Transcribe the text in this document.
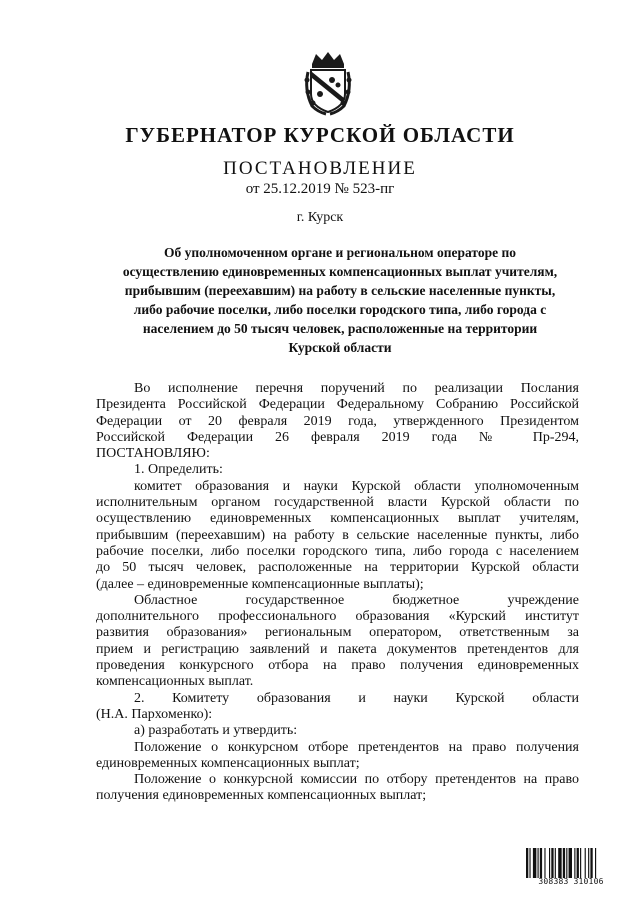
ГУБЕРНАТОР КУРСКОЙ ОБЛАСТИ
ПОСТАНОВЛЕНИЕ
от 25.12.2019 № 523-пг
г. Курск
Об уполномоченном органе и региональном операторе по
осуществлению единовременных компенсационных выплат учителям,
прибывшим (переехавшим) на работу в сельские населенные пункты,
либо рабочие поселки, либо поселки городского типа, либо города с
населением до 50 тысяч человек, расположенные на территории
Курской области
Во исполнение перечня поручений по реализации Послания
Президента Российской Федерации Федеральному Собранию Российской
Федерации от 20 февраля 2019 года, утвержденного Президентом
Российской Федерации 26 февраля 2019 года № Пр-294,
ПОСТАНОВЛЯЮ:
1. Определить:
комитет образования и науки Курской области уполномоченным
исполнительным органом государственной власти Курской области по
осуществлению единовременных компенсационных выплат учителям,
прибывшим (переехавшим) на работу в сельские населенные пункты, либо
рабочие поселки, либо поселки городского типа, либо города с населением
до 50 тысяч человек, расположенные на территории Курской области
(далее – единовременные компенсационные выплаты);
Областное государственное бюджетное учреждение
дополнительного профессионального образования «Курский институт
развития образования» региональным оператором, ответственным за
прием и регистрацию заявлений и пакета документов претендентов для
проведения конкурсного отбора на право получения единовременных
компенсационных выплат.
2. Комитету образования и науки Курской области
(Н.А. Пархоменко):
а) разработать и утвердить:
Положение о конкурсном отборе претендентов на право получения
единовременных компенсационных выплат;
Положение о конкурсной комиссии по отбору претендентов на право
получения единовременных компенсационных выплат;
308383 310106
